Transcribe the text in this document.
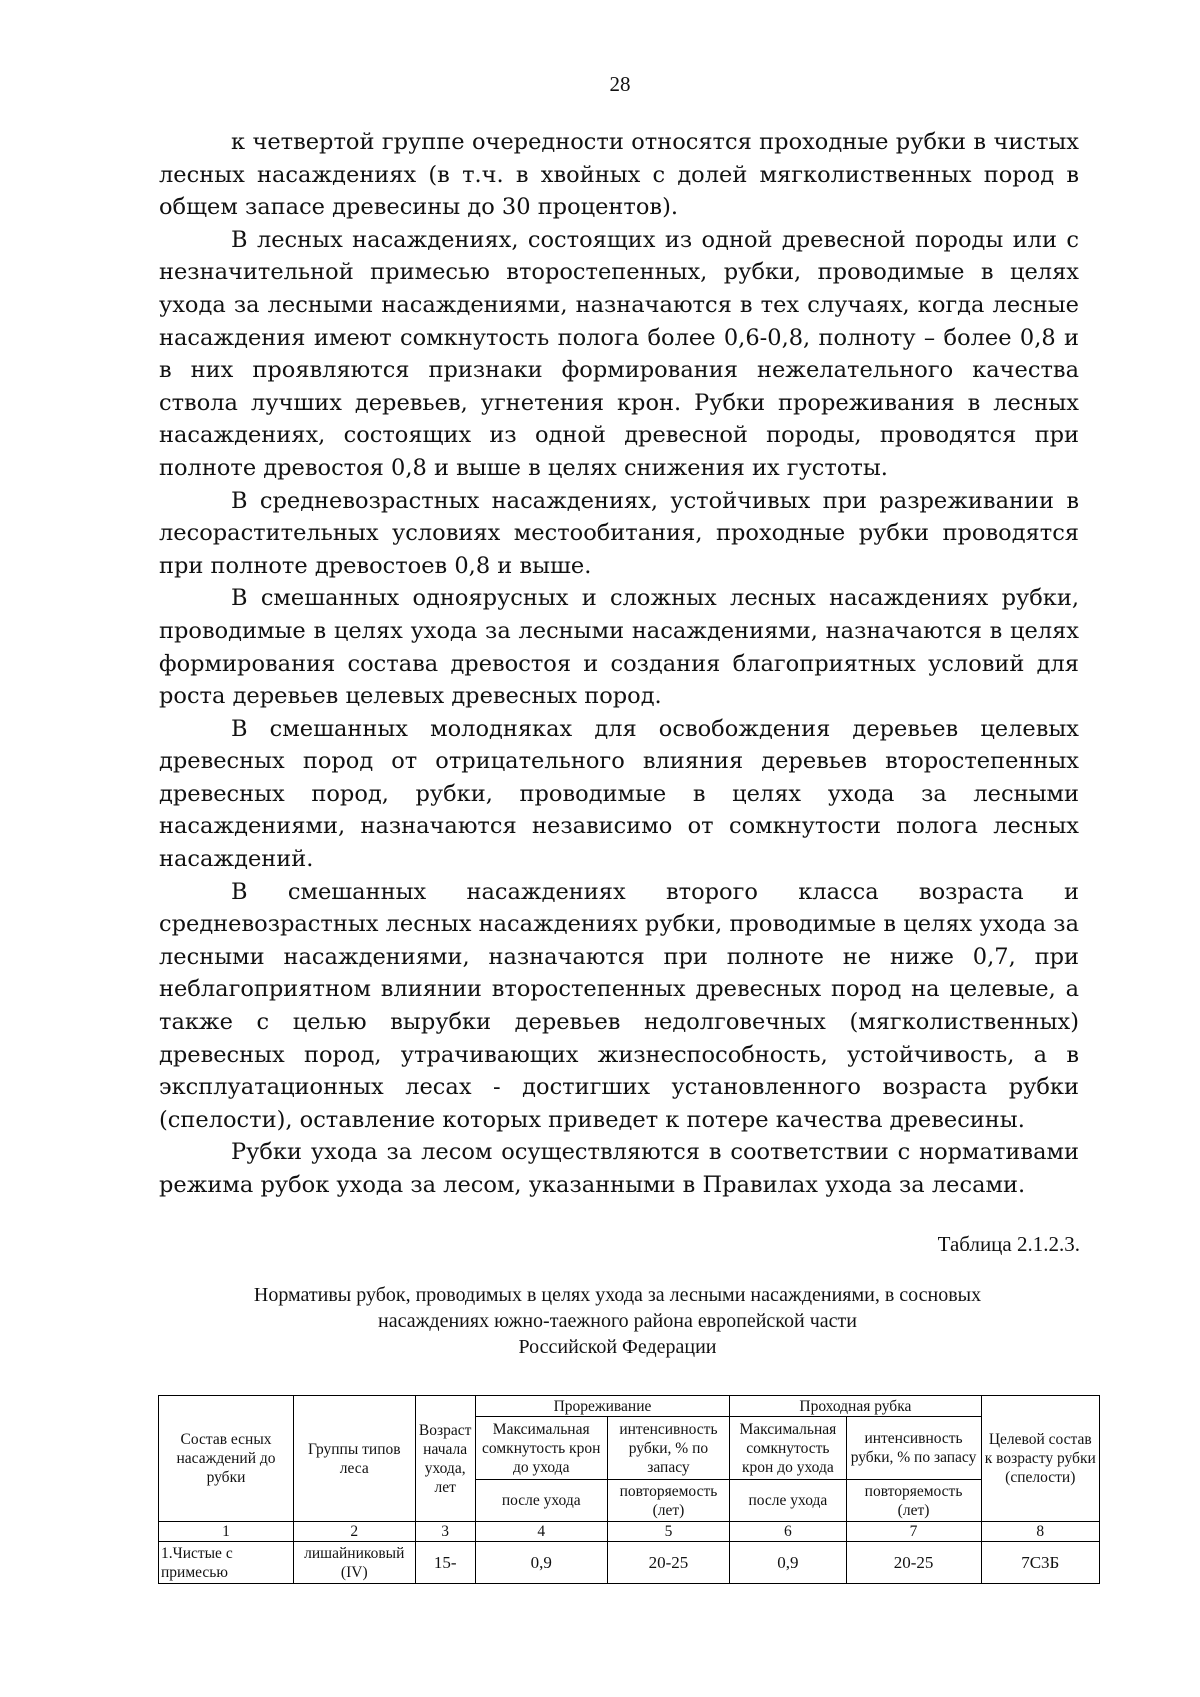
28

к четвертой группе очередности относятся проходные рубки в чистых лесных насаждениях (в т.ч. в хвойных с долей мягколиственных пород в общем запасе древесины до 30 процентов).

В лесных насаждениях, состоящих из одной древесной породы или с незначительной примесью второстепенных, рубки, проводимые в целях ухода за лесными насаждениями, назначаются в тех случаях, когда лесные насаждения имеют сомкнутость полога более 0,6-0,8, полноту – более 0,8 и в них проявляются признаки формирования нежелательного качества ствола лучших деревьев, угнетения крон. Рубки прореживания в лесных насаждениях, состоящих из одной древесной породы, проводятся при полноте древостоя 0,8 и выше в целях снижения их густоты.

В средневозрастных насаждениях, устойчивых при разреживании в лесорастительных условиях местообитания, проходные рубки проводятся при полноте древостоев 0,8 и выше.

В смешанных одноярусных и сложных лесных насаждениях рубки, проводимые в целях ухода за лесными насаждениями, назначаются в целях формирования состава древостоя и создания благоприятных условий для роста деревьев целевых древесных пород.

В смешанных молодняках для освобождения деревьев целевых древесных пород от отрицательного влияния деревьев второстепенных древесных пород, рубки, проводимые в целях ухода за лесными насаждениями, назначаются независимо от сомкнутости полога лесных насаждений.

В смешанных насаждениях второго класса возраста и средневозрастных лесных насаждениях рубки, проводимые в целях ухода за лесными насаждениями, назначаются при полноте не ниже 0,7, при неблагоприятном влиянии второстепенных древесных пород на целевые, а также с целью вырубки деревьев недолговечных (мягколиственных) древесных пород, утрачивающих жизнеспособность, устойчивость, а в эксплуатационных лесах - достигших установленного возраста рубки (спелости), оставление которых приведет к потере качества древесины.

Рубки ухода за лесом осуществляются в соответствии с нормативами режима рубок ухода за лесом, указанными в Правилах ухода за лесами.

Таблица 2.1.2.3.
Нормативы рубок, проводимых в целях ухода за лесными насаждениями, в сосновых
насаждениях южно-таежного района европейской части
Российской Федерации
Состав есных насаждений до рубки	Группы типов леса	Возраст начала ухода, лет	Прореживание		Проходная рубка		Целевой состав к возрасту рубки (спелости)
			Максимальная сомкнутость крон до ухода	интенсивность рубки, % по запасу	Максимальная сомкнутость крон до ухода	интенсивность рубки, % по запасу	
			после ухода	повторяемость (лет)	после ухода	повторяемость (лет)	
1	2	3	4	5	6	7	8
1.Чистые с примесью	лишайниковый (IV)	15-	0,9	20-25	0,9	20-25	7С3Б
